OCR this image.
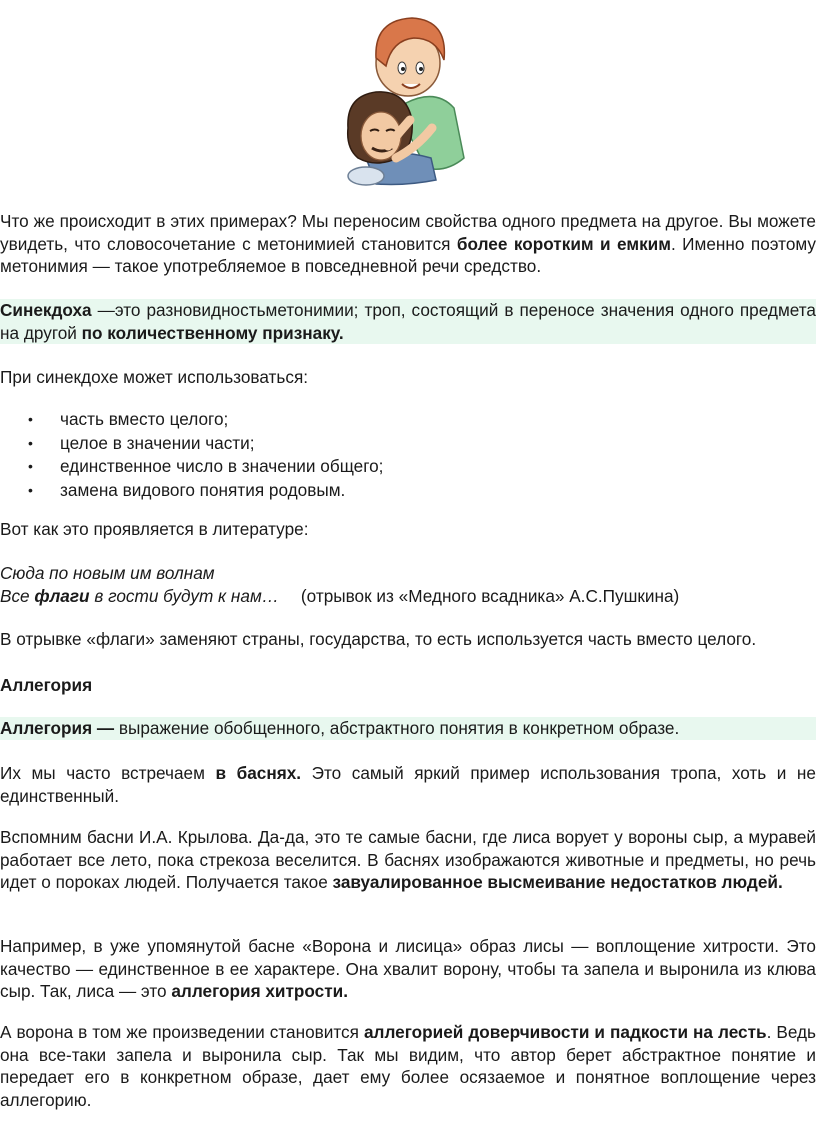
Что же происходит в этих примерах? Мы переносим свойства одного предмета на другое. Вы можете увидеть, что словосочетание с метонимией становится более коротким и емким. Именно поэтому метонимия — такое употребляемое в повседневной речи средство.

Синекдоха —это разновидностьметонимии; троп, состоящий в переносе значения одного предмета на другой по количественному признаку.

При синекдохе может использоваться:

• часть вместо целого;
• целое в значении части;
• единственное число в значении общего;
• замена видового понятия родовым.

Вот как это проявляется в литературе:

Сюда по новым им волнам
Все флаги в гости будут к нам… (отрывок из «Медного всадника» А.С.Пушкина)

В отрывке «флаги» заменяют страны, государства, то есть используется часть вместо целого.

Аллегория

Аллегория — выражение обобщенного, абстрактного понятия в конкретном образе.

Их мы часто встречаем в баснях. Это самый яркий пример использования тропа, хоть и не единственный.

Вспомним басни И.А. Крылова. Да-да, это те самые басни, где лиса ворует у вороны сыр, а муравей работает все лето, пока стрекоза веселится. В баснях изображаются животные и предметы, но речь идет о пороках людей. Получается такое завуалированное высмеивание недостатков людей.

Например, в уже упомянутой басне «Ворона и лисица» образ лисы — воплощение хитрости. Это качество — единственное в ее характере. Она хвалит ворону, чтобы та запела и выронила из клюва сыр. Так, лиса — это аллегория хитрости.

А ворона в том же произведении становится аллегорией доверчивости и падкости на лесть. Ведь она все-таки запела и выронила сыр. Так мы видим, что автор берет абстрактное понятие и передает его в конкретном образе, дает ему более осязаемое и понятное воплощение через аллегорию.
